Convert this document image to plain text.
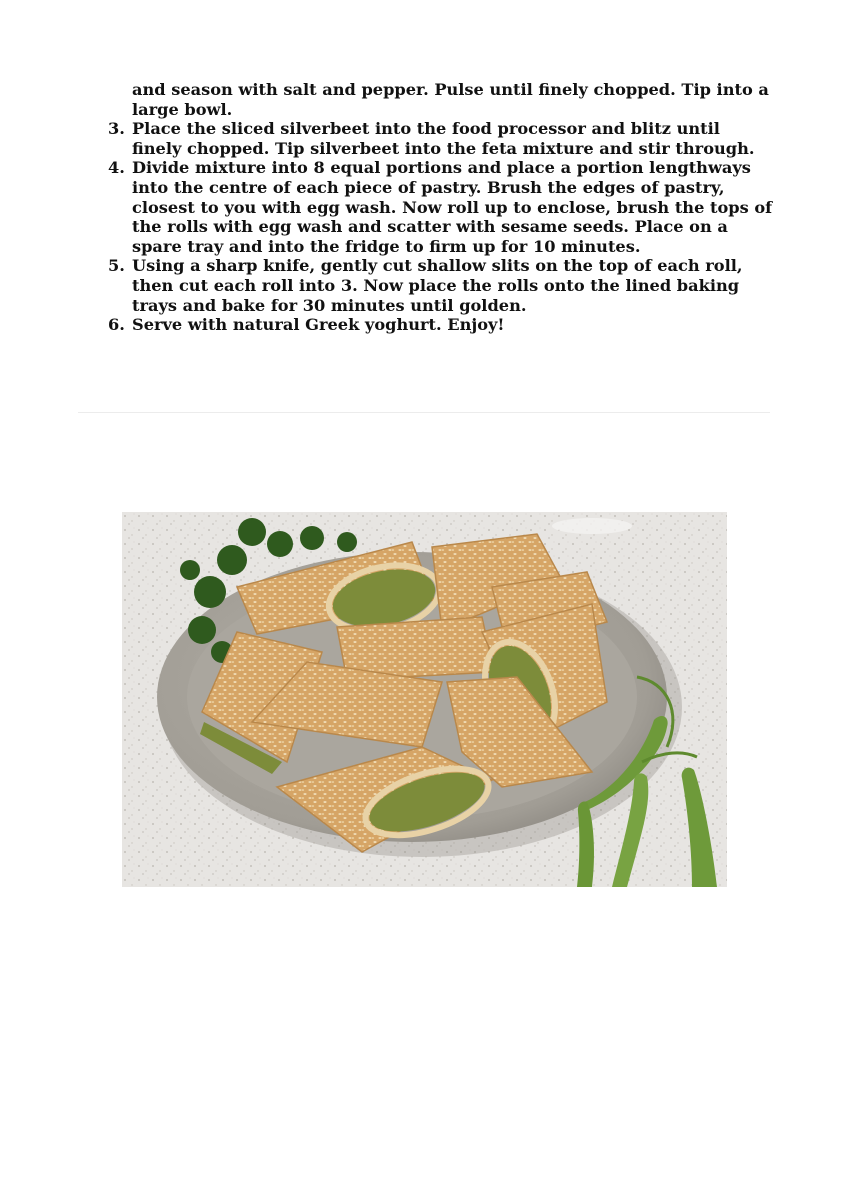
and season with salt and pepper. Pulse until finely chopped. Tip into a large bowl.
3. Place the sliced silverbeet into the food processor and blitz until finely chopped. Tip silverbeet into the feta mixture and stir through.
4. Divide mixture into 8 equal portions and place a portion lengthways into the centre of each piece of pastry. Brush the edges of pastry, closest to you with egg wash. Now roll up to enclose, brush the tops of the rolls with egg wash and scatter with sesame seeds. Place on a spare tray and into the fridge to firm up for 10 minutes.
5. Using a sharp knife, gently cut shallow slits on the top of each roll, then cut each roll into 3. Now place the rolls onto the lined baking trays and bake for 30 minutes until golden.
6. Serve with natural Greek yoghurt. Enjoy!
